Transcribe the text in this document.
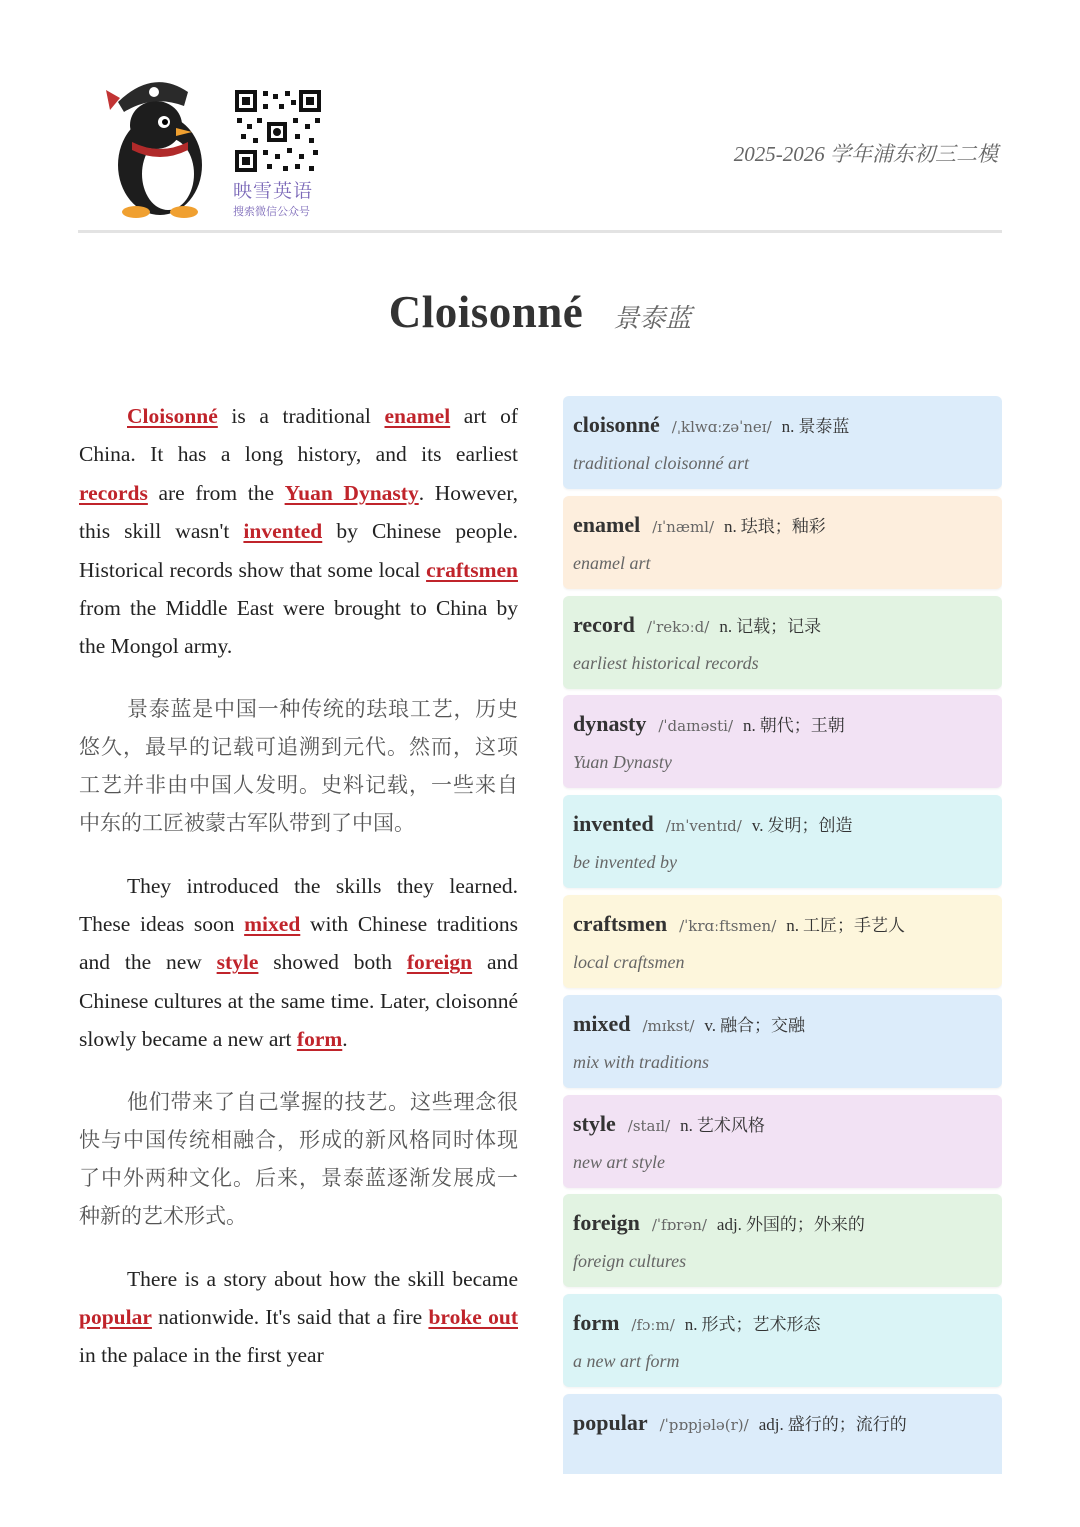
映雪英语
搜索微信公众号
2025-2026 学年浦东初三二模
Cloisonné 景泰蓝

Cloisonné is a traditional enamel art of China. It has a long history, and its earliest records are from the Yuan Dynasty. However, this skill wasn't invented by Chinese people. Historical records show that some local craftsmen from the Middle East were brought to China by the Mongol army.

景泰蓝是中国一种传统的珐琅工艺，历史悠久，最早的记载可追溯到元代。然而，这项工艺并非由中国人发明。史料记载，一些来自中东的工匠被蒙古军队带到了中国。

They introduced the skills they learned. These ideas soon mixed with Chinese traditions and the new style showed both foreign and Chinese cultures at the same time. Later, cloisonné slowly became a new art form.

他们带来了自己掌握的技艺。这些理念很快与中国传统相融合，形成的新风格同时体现了中外两种文化。后来，景泰蓝逐渐发展成一种新的艺术形式。

There is a story about how the skill became popular nationwide. It's said that a fire broke out in the palace in the first year

cloisonné /ˌklwɑːzəˈneɪ/ n. 景泰蓝
traditional cloisonné art
enamel /ɪˈnæml/ n. 珐琅；釉彩
enamel art
record /ˈrekɔːd/ n. 记载；记录
earliest historical records
dynasty /ˈdaɪnəsti/ n. 朝代；王朝
Yuan Dynasty
invented /ɪnˈventɪd/ v. 发明；创造
be invented by
craftsmen /ˈkrɑːftsmen/ n. 工匠；手艺人
local craftsmen
mixed /mɪkst/ v. 融合；交融
mix with traditions
style /staɪl/ n. 艺术风格
new art style
foreign /ˈfɒrən/ adj. 外国的；外来的
foreign cultures
form /fɔːm/ n. 形式；艺术形态
a new art form
popular /ˈpɒpjələ(r)/ adj. 盛行的；流行的
